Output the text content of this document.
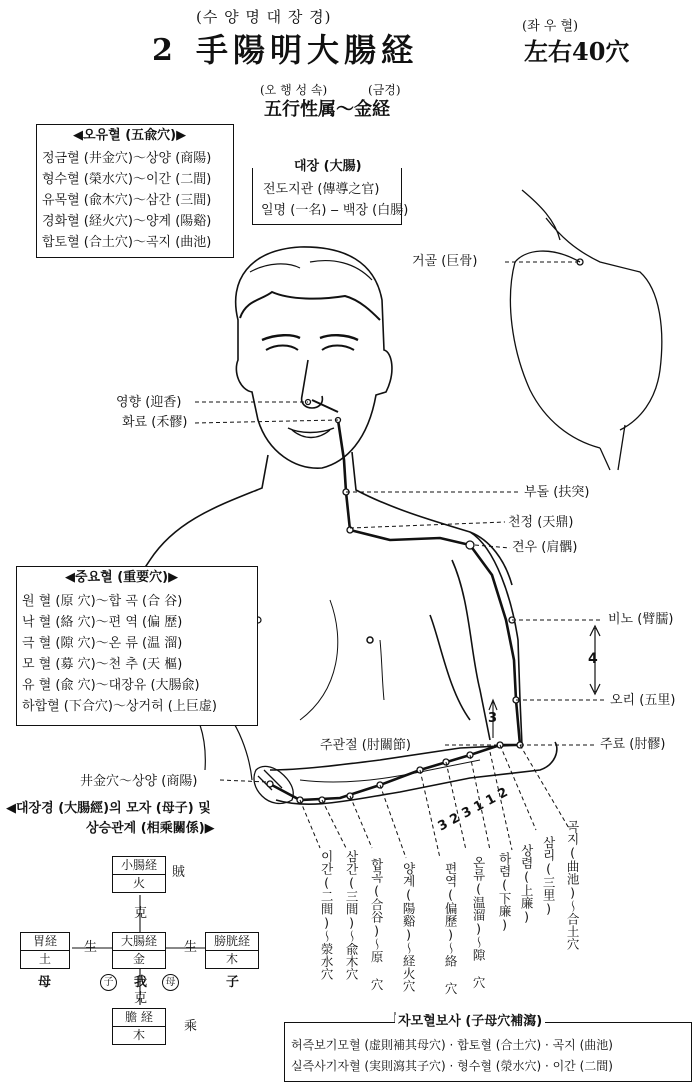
(수 양 명 대 장 경)
2 手陽明大腸経
(좌 우 혈)
左右40穴
(오 행 성 속)	(금경)
五行性属～金経
◀오유혈 (五兪穴)▶
정금혈 (井金穴)～상양 (商陽)
형수혈 (榮水穴)～이간 (二間)
유목혈 (兪木穴)～삼간 (三間)
경화혈 (経火穴)～양계 (陽谿)
합토혈 (合土穴)～곡지 (曲池)
대장 (大腸)
전도지관 (傳導之官)
일명 (一名) ‒ 백장 (白腸)
거골 (巨骨)
영향 (迎香)
화료 (禾髎)
부돌 (扶突)
천정 (天鼎)
견우 (肩髃)
비노 (臂臑)
오리 (五里)
주료 (肘髎)
주관절 (肘關節)
井金穴～상양 (商陽)
4
3
3 2 3 1 1 2
◀중요혈 (重要穴)▶
원 혈 (原 穴)～합 곡 (合 谷)
낙 혈 (絡 穴)～편 역 (偏 歷)
극 혈 (隙 穴)～온 류 (温 溜)
모 혈 (募 穴)～천 추 (天 樞)
유 혈 (兪 穴)～대장유 (大腸兪)
하합혈 (下合穴)～상거허 (上巨虚)
이간(二間)～滎水穴 삼간(三間)～兪木穴 합곡(合谷)～原 穴 양계(陽谿)～経火穴 편역(偏歷)～絡 穴 온류(温溜)～隙 穴 하렴(下廉) 상렴(上廉) 삼리(三里) 곡지(曲池)～合土穴
◀대장경 (大腸經)의 모자 (母子) 및
상승관계 (相乘關係)▶
小腸経
火
賊
克
胃経
土
生	大腸経
金
生	膀胱経
木
母	子 我	母	子
克
膽 経
木
乘	자모혈보사 (子母穴補瀉)
허즉보기모혈 (虚則補其母穴) · 합토혈 (合土穴) · 곡지 (曲池)
실즉사기자혈 (実則瀉其子穴) · 형수혈 (滎水穴) · 이간 (二間)
